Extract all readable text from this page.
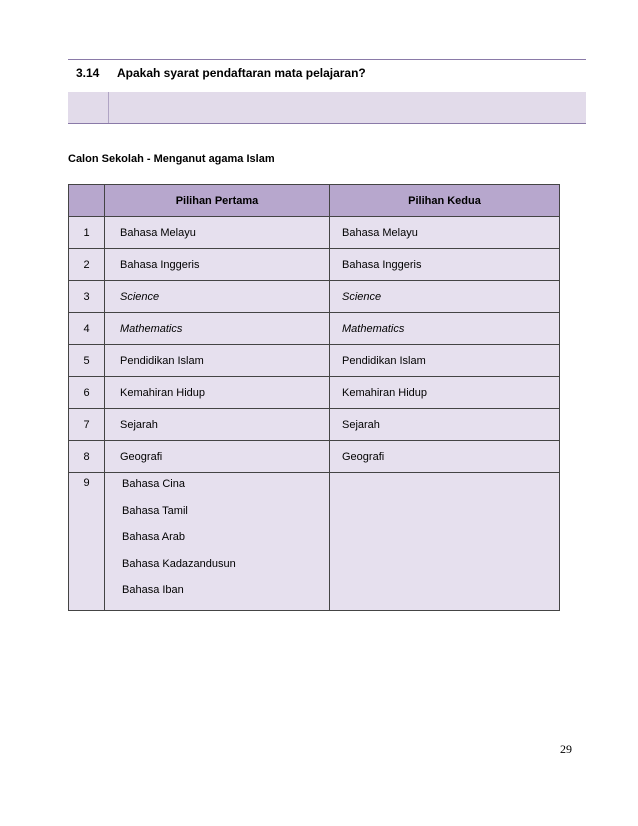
3.14 Apakah syarat pendaftaran mata pelajaran?
Calon Sekolah - Menganut agama Islam
	Pilihan Pertama	Pilihan Kedua
1	Bahasa Melayu	Bahasa Melayu
2	Bahasa Inggeris	Bahasa Inggeris
3	Science	Science
4	Mathematics	Mathematics
5	Pendidikan Islam	Pendidikan Islam
6	Kemahiran Hidup	Kemahiran Hidup
7	Sejarah	Sejarah
8	Geografi	Geografi
9	Bahasa Cina
Bahasa Tamil
Bahasa Arab
Bahasa Kadazandusun
Bahasa Iban	

29
